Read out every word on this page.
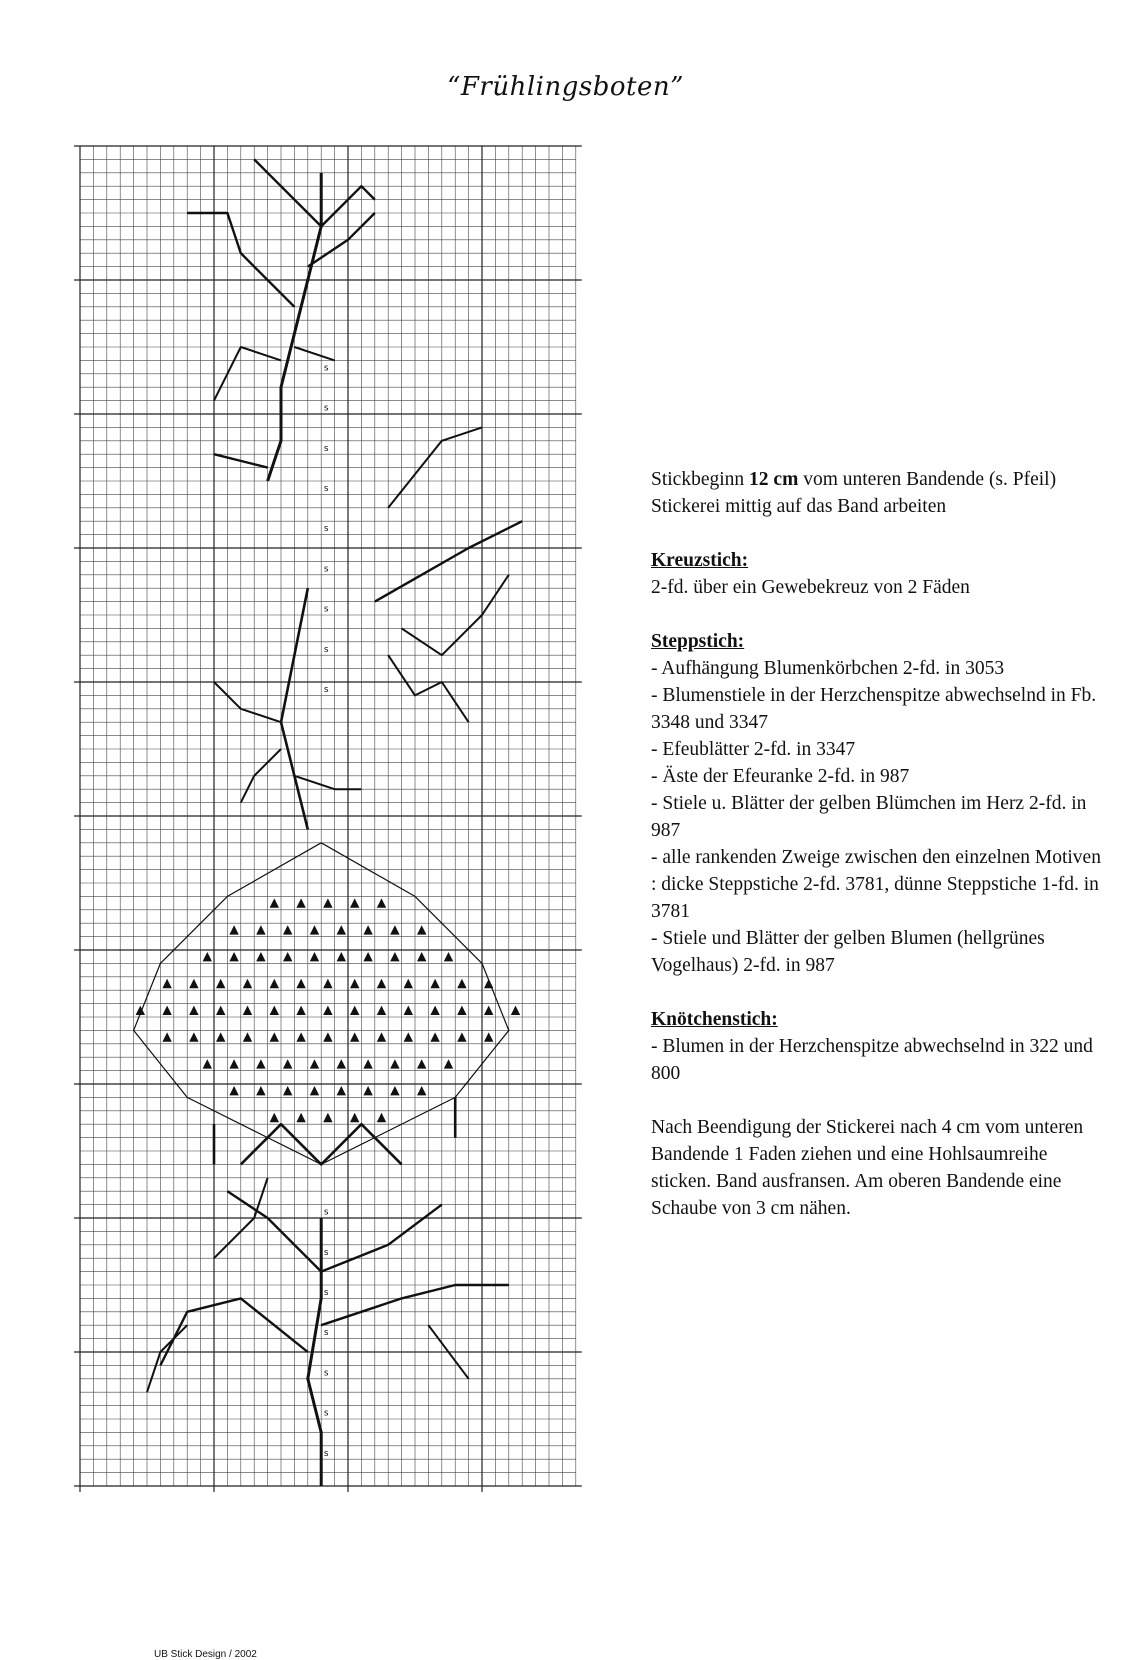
“Frühlingsboten”
s
s
s
s
s
s
s
s
s
s
s
s
s
s
s
s
UB Stick Design / 2002

Stickbeginn 12 cm vom unteren Bandende (s. Pfeil) Stickerei mittig auf das Band arbeiten

Kreuzstich:

2-fd. über ein Gewebekreuz von 2 Fäden

Steppstich:

- Aufhängung Blumenkörbchen 2-fd. in 3053
- Blumenstiele in der Herzchenspitze abwechselnd in Fb. 3348 und 3347
- Efeublätter 2-fd. in 3347
- Äste der Efeuranke 2-fd. in 987
- Stiele u. Blätter der gelben Blümchen im Herz 2-fd. in 987
- alle rankenden Zweige zwischen den einzelnen Motiven : dicke Steppstiche 2-fd. 3781, dünne Steppstiche 1-fd. in 3781
- Stiele und Blätter der gelben Blumen (hellgrünes Vogelhaus) 2-fd. in 987

Knötchenstich:

- Blumen in der Herzchenspitze abwechselnd in 322 und 800

Nach Beendigung der Stickerei nach 4 cm vom unteren Bandende 1 Faden ziehen und eine Hohlsaumreihe sticken. Band ausfransen. Am oberen Bandende eine Schaube von 3 cm nähen.
